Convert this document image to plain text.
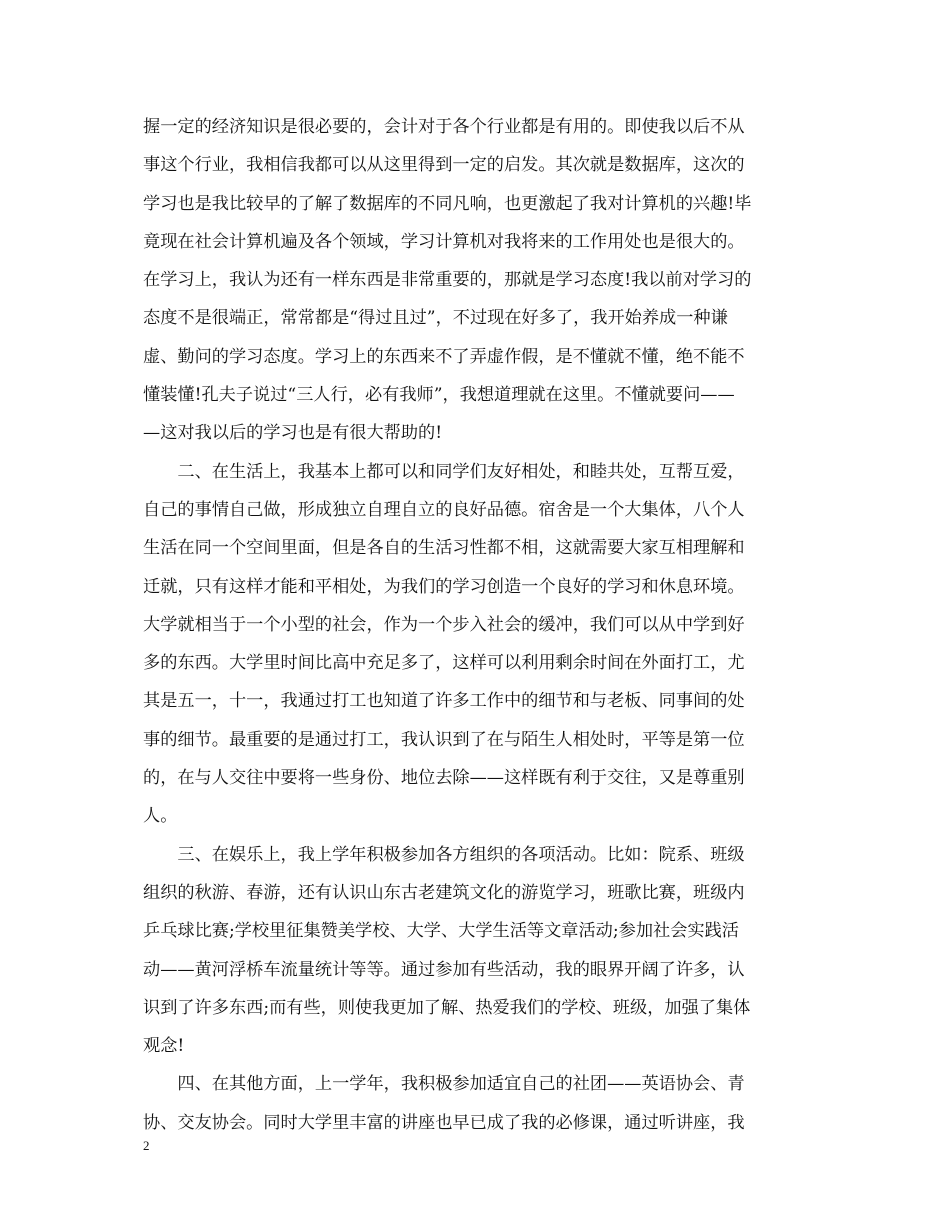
握一定的经济知识是很必要的，会计对于各个行业都是有用的。即使我以后不从
事这个行业，我相信我都可以从这里得到一定的启发。其次就是数据库，这次的
学习也是我比较早的了解了数据库的不同凡响，也更激起了我对计算机的兴趣!毕
竟现在社会计算机遍及各个领域，学习计算机对我将来的工作用处也是很大的。
在学习上，我认为还有一样东西是非常重要的，那就是学习态度!我以前对学习的
态度不是很端正，常常都是“得过且过”，不过现在好多了，我开始养成一种谦
虚、勤问的学习态度。学习上的东西来不了弄虚作假，是不懂就不懂，绝不能不
懂装懂!孔夫子说过“三人行，必有我师”，我想道理就在这里。不懂就要问——
—这对我以后的学习也是有很大帮助的!
　　二、在生活上，我基本上都可以和同学们友好相处，和睦共处，互帮互爱，
自己的事情自己做，形成独立自理自立的良好品德。宿舍是一个大集体，八个人
生活在同一个空间里面，但是各自的生活习性都不相，这就需要大家互相理解和
迁就，只有这样才能和平相处，为我们的学习创造一个良好的学习和休息环境。
大学就相当于一个小型的社会，作为一个步入社会的缓冲，我们可以从中学到好
多的东西。大学里时间比高中充足多了，这样可以利用剩余时间在外面打工，尤
其是五一，十一，我通过打工也知道了许多工作中的细节和与老板、同事间的处
事的细节。最重要的是通过打工，我认识到了在与陌生人相处时，平等是第一位
的，在与人交往中要将一些身份、地位去除——这样既有利于交往，又是尊重别
人。
　　三、在娱乐上，我上学年积极参加各方组织的各项活动。比如：院系、班级
组织的秋游、春游，还有认识山东古老建筑文化的游览学习，班歌比赛，班级内
乒乓球比赛;学校里征集赞美学校、大学、大学生活等文章活动;参加社会实践活
动——黄河浮桥车流量统计等等。通过参加有些活动，我的眼界开阔了许多，认
识到了许多东西;而有些，则使我更加了解、热爱我们的学校、班级，加强了集体
观念!
　　四、在其他方面，上一学年，我积极参加适宜自己的社团——英语协会、青
协、交友协会。同时大学里丰富的讲座也早已成了我的必修课，通过听讲座，我
2
